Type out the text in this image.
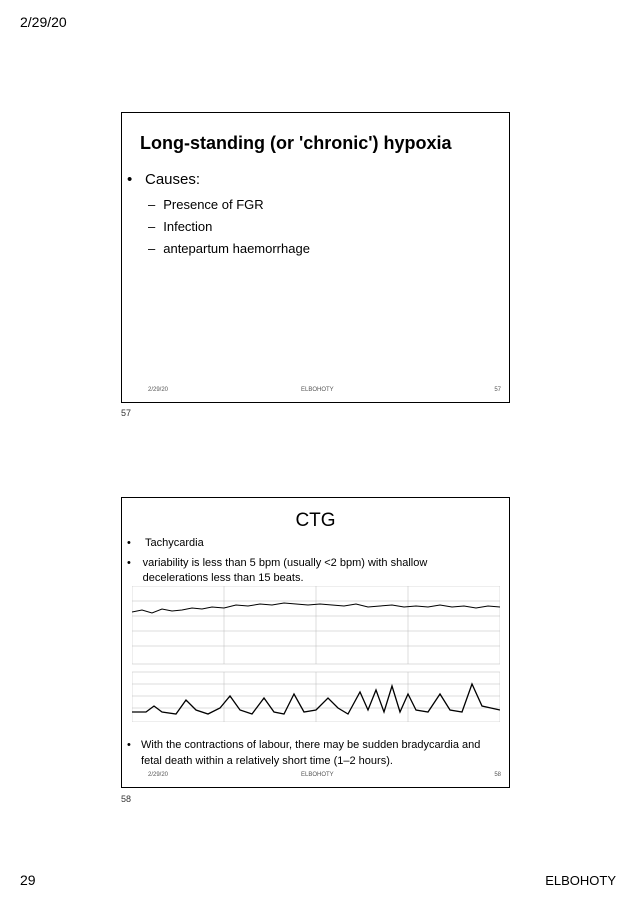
2/29/20
Long-standing (or 'chronic') hypoxia
• Causes:
– Presence of FGR
– Infection
– antepartum haemorrhage
2/29/20	ELBOHOTY	57
57
CTG
•	Tachycardia
•	variability is less than 5 bpm (usually <2 bpm) with shallow decelerations less than 15 beats.
• With the contractions of labour, there may be sudden bradycardia and fetal death within a relatively short time (1–2 hours).
2/29/20	ELBOHOTY	58
58
29	ELBOHOTY
